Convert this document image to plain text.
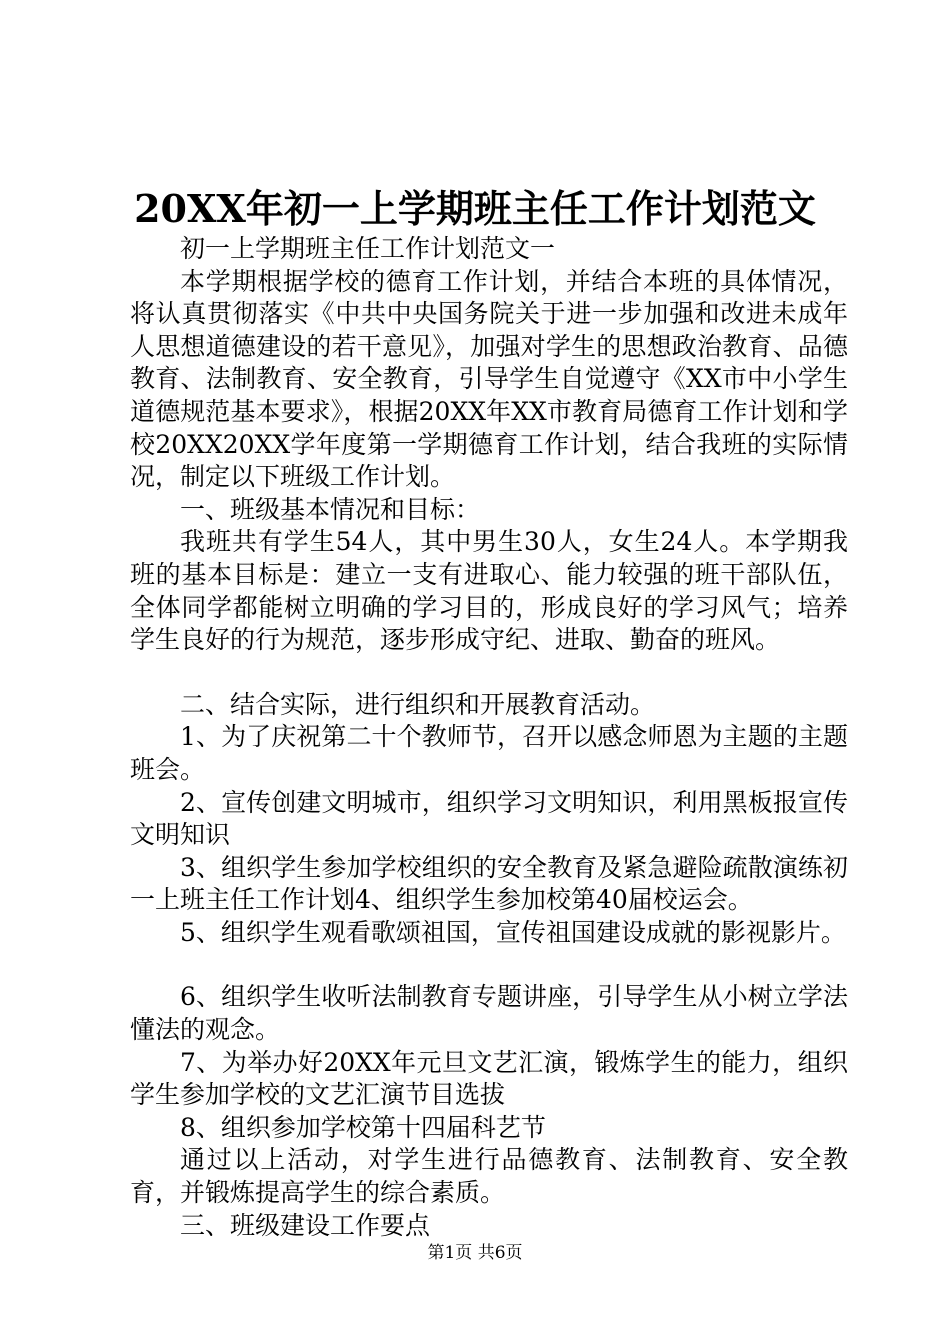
20XX年初一上学期班主任工作计划范文

初一上学期班主任工作计划范文一

本学期根据学校的德育工作计划，并结合本班的具体情况，将认真贯彻落实《中共中央国务院关于进一步加强和改进未成年人思想道德建设的若干意见》，加强对学生的思想政治教育、品德教育、法制教育、安全教育，引导学生自觉遵守《XX市中小学生道德规范基本要求》，根据20XX年XX市教育局德育工作计划和学校20XX20XX学年度第一学期德育工作计划，结合我班的实际情况，制定以下班级工作计划。

一、班级基本情况和目标：

我班共有学生54人，其中男生30人，女生24人。本学期我班的基本目标是：建立一支有进取心、能力较强的班干部队伍，全体同学都能树立明确的学习目的，形成良好的学习风气；培养学生良好的行为规范，逐步形成守纪、进取、勤奋的班风。

二、结合实际，进行组织和开展教育活动。

1、为了庆祝第二十个教师节，召开以感念师恩为主题的主题班会。

2、宣传创建文明城市，组织学习文明知识，利用黑板报宣传文明知识

3、组织学生参加学校组织的安全教育及紧急避险疏散演练初一上班主任工作计划4、组织学生参加校第40届校运会。

5、组织学生观看歌颂祖国，宣传祖国建设成就的影视影片。

6、组织学生收听法制教育专题讲座，引导学生从小树立学法懂法的观念。

7、为举办好20XX年元旦文艺汇演，锻炼学生的能力，组织学生参加学校的文艺汇演节目选拔

8、组织参加学校第十四届科艺节

通过以上活动，对学生进行品德教育、法制教育、安全教育，并锻炼提高学生的综合素质。

三、班级建设工作要点

第1页 共6页
